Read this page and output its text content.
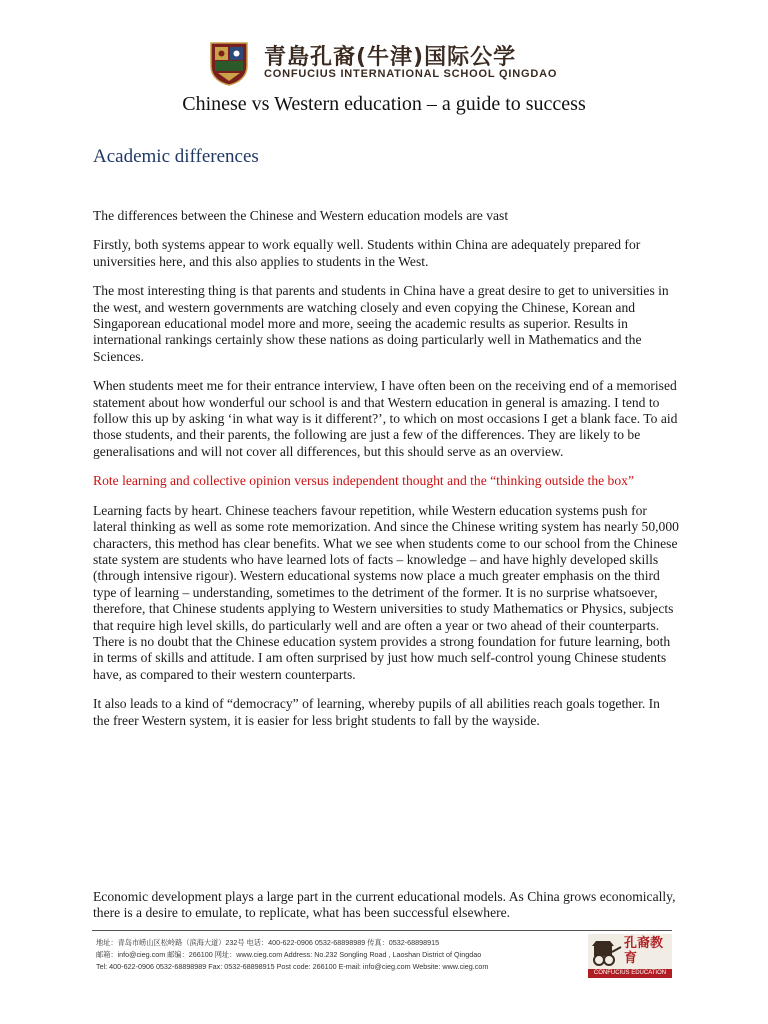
青島孔裔(牛津)国际公学
CONFUCIUS INTERNATIONAL SCHOOL QINGDAO
Chinese vs Western education – a guide to success
Academic differences

The differences between the Chinese and Western education models are vast

Firstly, both systems appear to work equally well. Students within China are adequately prepared for universities here, and this also applies to students in the West.

The most interesting thing is that parents and students in China have a great desire to get to universities in the west, and western governments are watching closely and even copying the Chinese, Korean and Singaporean educational model more and more, seeing the academic results as superior. Results in international rankings certainly show these nations as doing particularly well in Mathematics and the Sciences.

When students meet me for their entrance interview, I have often been on the receiving end of a memorised statement about how wonderful our school is and that Western education in general is amazing. I tend to follow this up by asking ‘in what way is it different?’, to which on most occasions I get a blank face. To aid those students, and their parents, the following are just a few of the differences. They are likely to be generalisations and will not cover all differences, but this should serve as an overview.

Rote learning and collective opinion versus independent thought and the “thinking outside the box”

Learning facts by heart. Chinese teachers favour repetition, while Western education systems push for lateral thinking as well as some rote memorization. And since the Chinese writing system has nearly 50,000 characters, this method has clear benefits. What we see when students come to our school from the Chinese state system are students who have learned lots of facts – knowledge – and have highly developed skills (through intensive rigour). Western educational systems now place a much greater emphasis on the third type of learning – understanding, sometimes to the detriment of the former. It is no surprise whatsoever, therefore, that Chinese students applying to Western universities to study Mathematics or Physics, subjects that require high level skills, do particularly well and are often a year or two ahead of their counterparts. There is no doubt that the Chinese education system provides a strong foundation for future learning, both in terms of skills and attitude. I am often surprised by just how much self-control young Chinese students have, as compared to their western counterparts.

It also leads to a kind of “democracy” of learning, whereby pupils of all abilities reach goals together. In the freer Western system, it is easier for less bright students to fall by the wayside.

Economic development plays a large part in the current educational models. As China grows economically, there is a desire to emulate, to replicate, what has been successful elsewhere.

地址：青岛市崂山区松岭路（滨海大道）232号 电话：400-622-0906 0532-68898989 传真：0532-68898915
邮箱：info@cieg.com 邮编：266100 网址：www.cieg.com Address: No.232 Songling Road , Laoshan District of Qingdao
Tel: 400-622-0906 0532-68898989 Fax: 0532-68898915 Post code: 266100 E-mail: info@cieg.com Website: www.cieg.com
孔裔教育
CONFUCIUS EDUCATION
